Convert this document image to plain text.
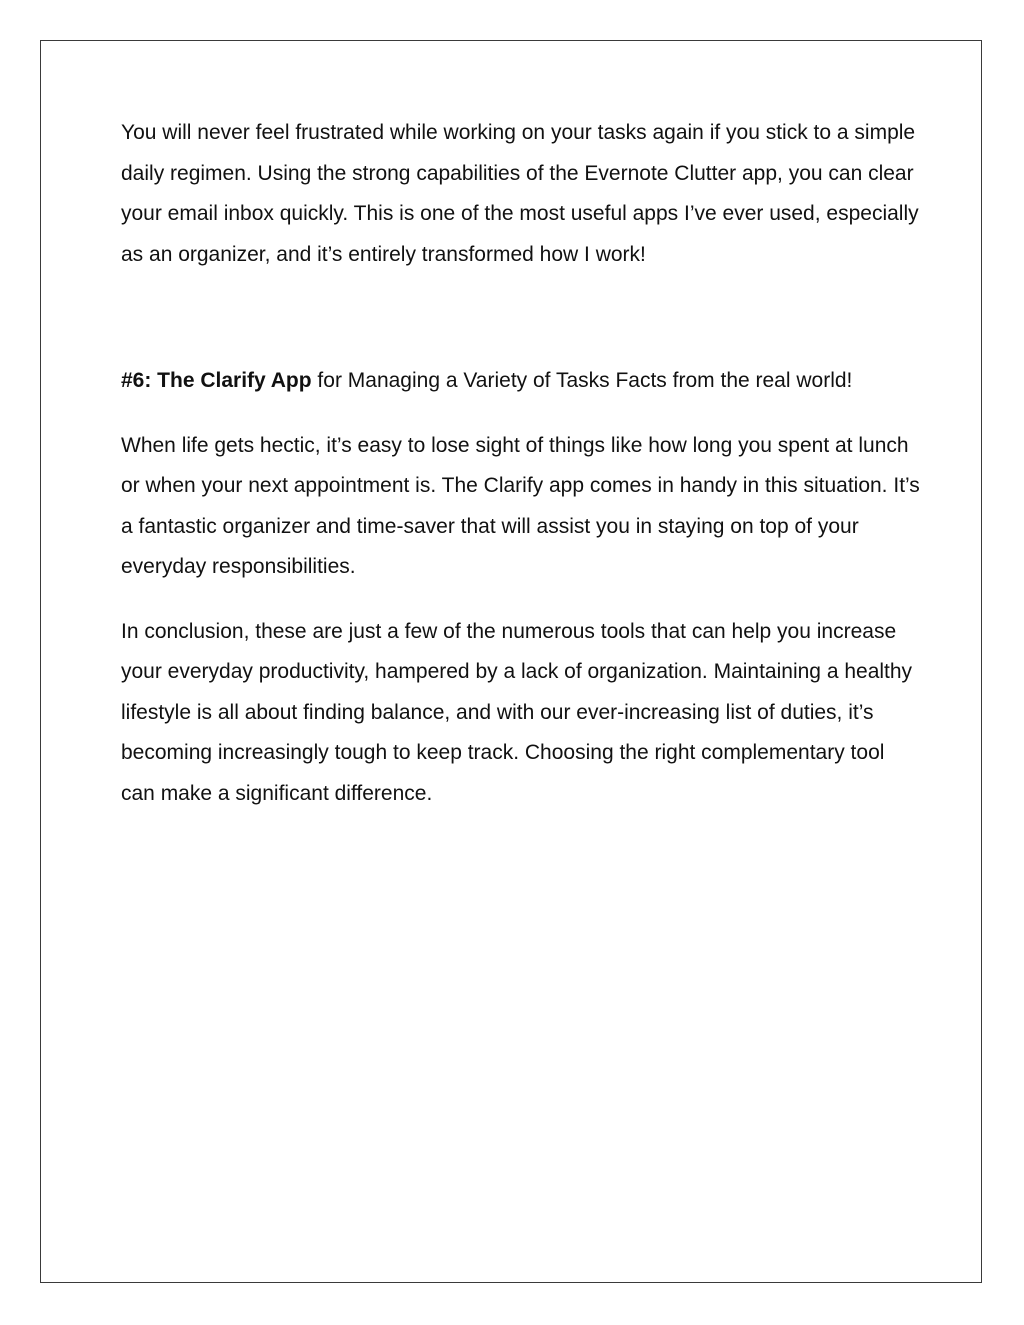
You will never feel frustrated while working on your tasks again if you stick to a simple daily regimen. Using the strong capabilities of the Evernote Clutter app, you can clear your email inbox quickly. This is one of the most useful apps I’ve ever used, especially as an organizer, and it’s entirely transformed how I work!

#6: The Clarify App for Managing a Variety of Tasks Facts from the real world!

When life gets hectic, it’s easy to lose sight of things like how long you spent at lunch or when your next appointment is. The Clarify app comes in handy in this situation. It’s a fantastic organizer and time-saver that will assist you in staying on top of your everyday responsibilities.

In conclusion, these are just a few of the numerous tools that can help you increase your everyday productivity, hampered by a lack of organization. Maintaining a healthy lifestyle is all about finding balance, and with our ever-increasing list of duties, it’s becoming increasingly tough to keep track. Choosing the right complementary tool can make a significant difference.
